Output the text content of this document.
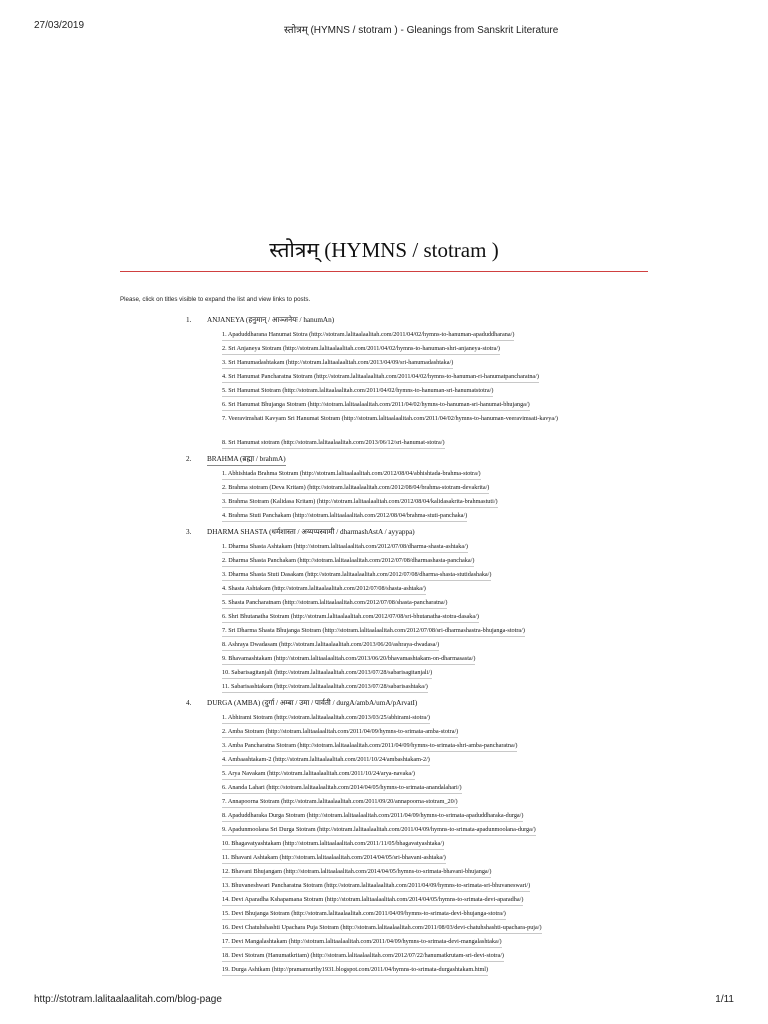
27/03/2019	स्तोत्रम् (HYMNS / stotram ) - Gleanings from Sanskrit Literature
स्तोत्रम् (HYMNS / stotram )
Please, click on titles visible to expand the list and view links to posts.
1.	ANJANEYA (हनुमान् / आञ्जनेयः / hanumAn)
1. Apaduddharana Hanumat Stotra (http://stotram.lalitaalaalitah.com/2011/04/02/hymns-to-hanuman-apaduddharana/)
2. Sri Anjaneya Stotram (http://stotram.lalitaalaalitah.com/2011/04/02/hymns-to-hanuman-shri-anjaneya-stotra/)
3. Sri Hanumadashtakam (http://stotram.lalitaalaalitah.com/2013/04/09/sri-hanumadashtaka/)
4. Sri Hanumat Pancharatna Stotram (http://stotram.lalitaalaalitah.com/2011/04/02/hymns-to-hanuman-ri-hanumatpancharatna/)
5. Sri Hanumat Stotram (http://stotram.lalitaalaalitah.com/2011/04/02/hymns-to-hanuman-sri-hanumatstotra/)
6. Sri Hanumat Bhujanga Stotram (http://stotram.lalitaalaalitah.com/2011/04/02/hymns-to-hanuman-sri-hanumat-bhujanga/)
7. Veeravimshati Kavyam Sri Hanumat Stotram (http://stotram.lalitaalaalitah.com/2011/04/02/hymns-to-hanuman-veeravimsati-kavya/)
8. Sri Hanumat stotram (http://stotram.lalitaalaalitah.com/2013/06/12/sri-hanumat-stotra/)
2.	BRAHMA (ब्रह्मा / brahmA)
1. Abhishtada Brahma Stotram (http://stotram.lalitaalaalitah.com/2012/08/04/abhishtada-brahma-stotra/)
2. Brahma stotram (Deva Kritam) (http://stotram.lalitaalaalitah.com/2012/08/04/brahma-stotram-devakrita/)
3. Brahma Stotram (Kalidasa Kritam) (http://stotram.lalitaalaalitah.com/2012/08/04/kalidasakrita-brahmastuti/)
4. Brahma Stuti Panchakam (http://stotram.lalitaalaalitah.com/2012/08/04/brahma-stuti-panchaka/)
3.	DHARMA SHASTA (धर्मशास्ता / अय्यप्पस्वामी / dharmashAstA / ayyappa)
1. Dharma Shasta Ashtakam (http://stotram.lalitaalaalitah.com/2012/07/08/dharma-shasta-ashtaka/)
2. Dharma Shasta Panchakam (http://stotram.lalitaalaalitah.com/2012/07/08/dharmashasta-panchaka/)
3. Dharma Shasta Stuti Dasakam (http://stotram.lalitaalaalitah.com/2012/07/08/dharma-shasta-stutidashaka/)
4. Shasta Ashtakam (http://stotram.lalitaalaalitah.com/2012/07/08/shasta-ashtaka/)
5. Shasta Pancharatnam (http://stotram.lalitaalaalitah.com/2012/07/08/shasta-pancharatna/)
6. Shri Bhutanatha Stotram (http://stotram.lalitaalaalitah.com/2012/07/08/sri-bhutanatha-stotra-dasaka/)
7. Sri Dharma Shasta Bhujanga Stotram (http://stotram.lalitaalaalitah.com/2012/07/08/sri-dharmashastra-bhujanga-stotra/)
8. Ashraya Dwadasam (http://stotram.lalitaalaalitah.com/2013/06/20/ashraya-dwadasa/)
9. Bhavamashtakam (http://stotram.lalitaalaalitah.com/2013/06/20/bhavamashtakam-on-dharmasasta/)
10. Sabarisagitanjali (http://stotram.lalitaalaalitah.com/2013/07/28/sabarisagitanjali/)
11. Sabarisashtakam (http://stotram.lalitaalaalitah.com/2013/07/28/sabarisashtaka/)
4.	DURGA (AMBA) (दुर्गा / अम्बा / उमा / पार्वती / durgA/ambA/umA/pArvatI)
1. Abhirami Stotram (http://stotram.lalitaalaalitah.com/2013/03/25/abhirami-stotra/)
2. Amba Stotram (http://stotram.lalitaalaalitah.com/2011/04/09/hymns-to-srimata-amba-stotra/)
3. Amba Pancharatna Stotram (http://stotram.lalitaalaalitah.com/2011/04/09/hymns-to-srimata-shri-amba-pancharatna/)
4. Ambaashtakam-2 (http://stotram.lalitaalaalitah.com/2011/10/24/ambashtakam-2/)
5. Arya Navakam (http://stotram.lalitaalaalitah.com/2011/10/24/arya-navaka/)
6. Ananda Lahari (http://stotram.lalitaalaalitah.com/2014/04/05/hymns-to-srimata-anandalahari/)
7. Annapoorna Stotram (http://stotram.lalitaalaalitah.com/2011/09/20/annapoorna-stotram_20/)
8. Apaduddharaka Durga Stotram (http://stotram.lalitaalaalitah.com/2011/04/09/hymns-to-srimata-apaduddharaka-durga/)
9. Apadunmoolana Sri Durga Stotram (http://stotram.lalitaalaalitah.com/2011/04/09/hymns-to-srimata-apadunmoolana-durga/)
10. Bhagavatyashtakam (http://stotram.lalitaalaalitah.com/2011/11/05/bhagavatyashtaka/)
11. Bhavani Ashtakam (http://stotram.lalitaalaalitah.com/2014/04/05/sri-bhavani-ashtaka/)
12. Bhavani Bhujangam (http://stotram.lalitaalaalitah.com/2014/04/05/hymns-to-srimata-bhavani-bhujanga/)
13. Bhuvaneshwari Pancharatna Stotram (http://stotram.lalitaalaalitah.com/2011/04/09/hymns-to-srimata-sri-bhuvaneswari/)
14. Devi Aparadha Kshapamana Stotram (http://stotram.lalitaalaalitah.com/2014/04/05/hymns-to-srimata-devi-aparadha/)
15. Devi Bhujanga Stotram (http://stotram.lalitaalaalitah.com/2011/04/09/hymns-to-srimata-devi-bhujanga-stotra/)
16. Devi Chatuhshashti Upachara Puja Stotram (http://stotram.lalitaalaalitah.com/2011/08/03/devi-chatuhshashti-upachara-puja/)
17. Devi Mangalashtakam (http://stotram.lalitaalaalitah.com/2011/04/09/hymns-to-srimata-devi-mangalashtaka/)
18. Devi Stotram (Hanumatkritam) (http://stotram.lalitaalaalitah.com/2012/07/22/hanumatkrutam-sri-devi-stotra/)
19. Durga Ashtkam (http://pramamurthy1931.blogspot.com/2011/04/hymns-to-srimata-durgashtakam.html)
http://stotram.lalitaalaalitah.com/blog-page	1/11
